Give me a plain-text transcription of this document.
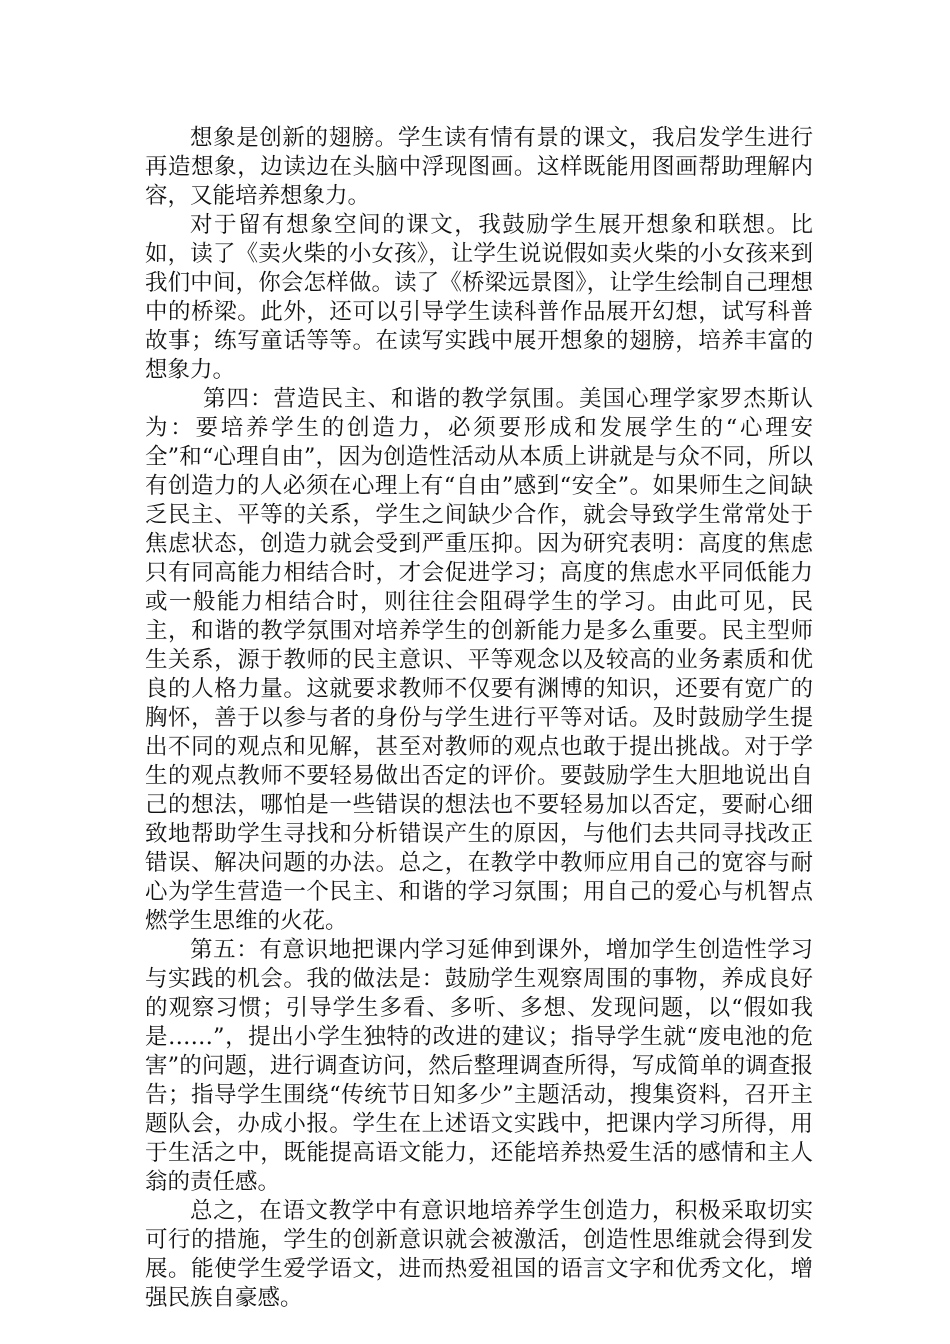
想象是创新的翅膀。学生读有情有景的课文，我启发学生进行再造想象，边读边在头脑中浮现图画。这样既能用图画帮助理解内容，又能培养想象力。

对于留有想象空间的课文，我鼓励学生展开想象和联想。比如，读了《卖火柴的小女孩》，让学生说说假如卖火柴的小女孩来到我们中间，你会怎样做。读了《桥梁远景图》，让学生绘制自己理想中的桥梁。此外，还可以引导学生读科普作品展开幻想，试写科普故事；练写童话等等。在读写实践中展开想象的翅膀，培养丰富的想象力。

第四：营造民主、和谐的教学氛围。美国心理学家罗杰斯认为：要培养学生的创造力，必须要形成和发展学生的“心理安全”和“心理自由”，因为创造性活动从本质上讲就是与众不同，所以有创造力的人必须在心理上有“自由”感到“安全”。如果师生之间缺乏民主、平等的关系，学生之间缺少合作，就会导致学生常常处于焦虑状态，创造力就会受到严重压抑。因为研究表明：高度的焦虑只有同高能力相结合时，才会促进学习；高度的焦虑水平同低能力或一般能力相结合时，则往往会阻碍学生的学习。由此可见，民主，和谐的教学氛围对培养学生的创新能力是多么重要。民主型师生关系，源于教师的民主意识、平等观念以及较高的业务素质和优良的人格力量。这就要求教师不仅要有渊博的知识，还要有宽广的胸怀，善于以参与者的身份与学生进行平等对话。及时鼓励学生提出不同的观点和见解，甚至对教师的观点也敢于提出挑战。对于学生的观点教师不要轻易做出否定的评价。要鼓励学生大胆地说出自己的想法，哪怕是一些错误的想法也不要轻易加以否定，要耐心细致地帮助学生寻找和分析错误产生的原因，与他们去共同寻找改正错误、解决问题的办法。总之，在教学中教师应用自己的宽容与耐心为学生营造一个民主、和谐的学习氛围；用自己的爱心与机智点燃学生思维的火花。

第五：有意识地把课内学习延伸到课外，增加学生创造性学习与实践的机会。我的做法是：鼓励学生观察周围的事物，养成良好的观察习惯；引导学生多看、多听、多想、发现问题，以“假如我是……”，提出小学生独特的改进的建议；指导学生就“废电池的危害”的问题，进行调查访问，然后整理调查所得，写成简单的调查报告；指导学生围绕“传统节日知多少”主题活动，搜集资料，召开主题队会，办成小报。学生在上述语文实践中，把课内学习所得，用于生活之中，既能提高语文能力，还能培养热爱生活的感情和主人翁的责任感。

总之，在语文教学中有意识地培养学生创造力，积极采取切实可行的措施，学生的创新意识就会被激活，创造性思维就会得到发展。能使学生爱学语文，进而热爱祖国的语言文字和优秀文化，增强民族自豪感。
